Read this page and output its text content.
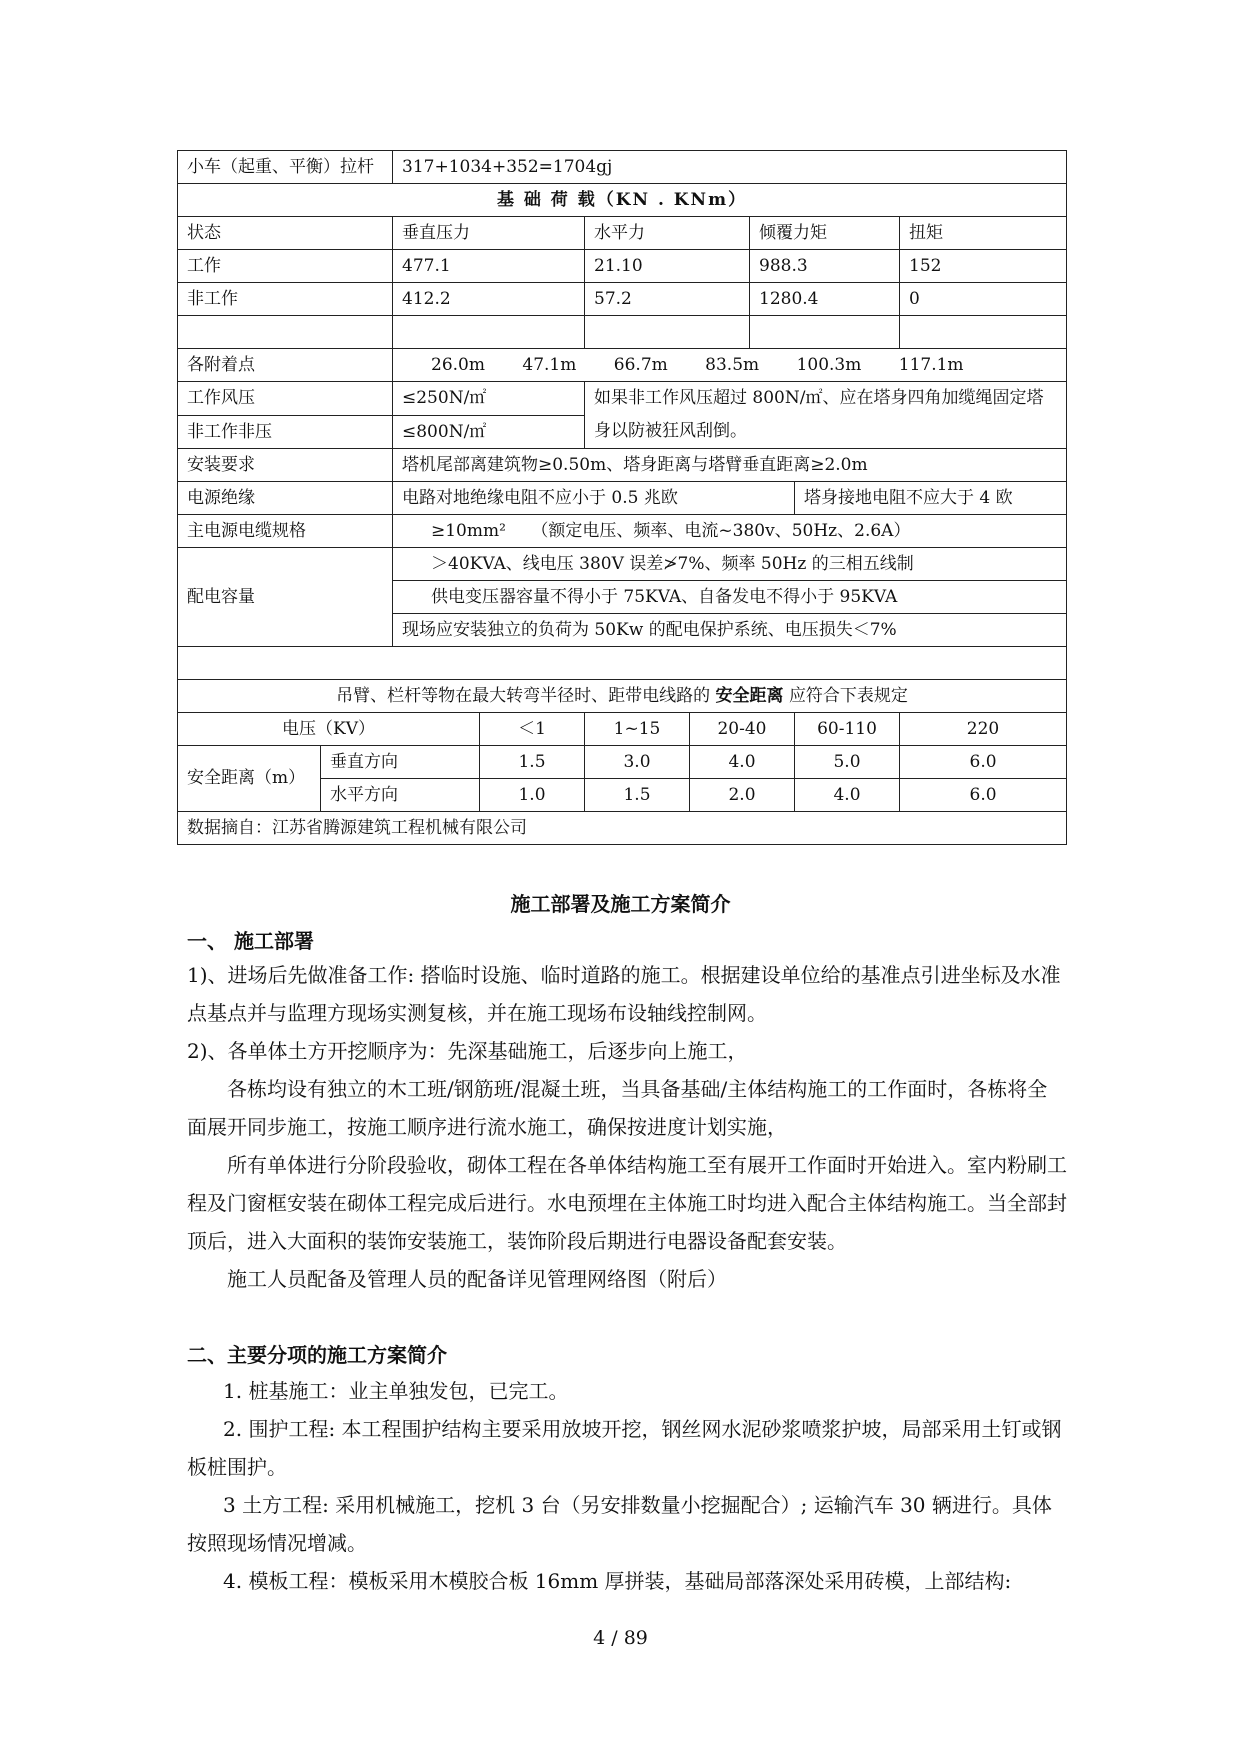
小车（起重、平衡）拉杆		317+1034+352=1704gj						
基 础 荷 载（KN . KNm）								
状态		垂直压力		水平力		倾覆力矩		扭矩
工作		477.1		21.10		988.3		152
非工作		412.2		57.2		1280.4		0

各附着点		26.0m 47.1m 66.7m 83.5m 100.3m 117.1m						
工作风压		≤250N/㎡		如果非工作风压超过 800N/㎡、应在塔身四角加缆绳固定塔身以防被狂风刮倒。				
非工作非压		≤800N/㎡						
安装要求		塔机尾部离建筑物≥0.50m、塔身距离与塔臂垂直距离≥2.0m						
电源绝缘		电路对地绝缘电阻不应小于 0.5 兆欧					塔身接地电阻不应大于 4 欧	
主电源电缆规格		≥10mm²　　（额定电压、频率、电流~380v、50Hz、2.6A）						
配电容量		＞40KVA、线电压 380V 误差≯7%、频率 50Hz 的三相五线制						
		供电变压器容量不得小于 75KVA、自备发电不得小于 95KVA						
		现场应安装独立的负荷为 50Kw 的配电保护系统、电压损失＜7%						

吊臂、栏杆等物在最大转弯半径时、距带电线路的 安全距离 应符合下表规定								
电压（KV）			＜1	1~15	20-40		60-110	220
安全距离（m）	垂直方向		1.5	3.0	4.0		5.0	6.0
	水平方向		1.0	1.5	2.0		4.0	6.0
数据摘自：江苏省腾源建筑工程机械有限公司								
施工部署及施工方案简介
一、 施工部署

1)、进场后先做准备工作: 搭临时设施、临时道路的施工。根据建设单位给的基准点引进坐标及水准点基点并与监理方现场实测复核，并在施工现场布设轴线控制网。

2)、各单体土方开挖顺序为：先深基础施工，后逐步向上施工，

各栋均设有独立的木工班/钢筋班/混凝土班，当具备基础/主体结构施工的工作面时，各栋将全面展开同步施工，按施工顺序进行流水施工，确保按进度计划实施，

所有单体进行分阶段验收，砌体工程在各单体结构施工至有展开工作面时开始进入。室内粉刷工程及门窗框安装在砌体工程完成后进行。水电预埋在主体施工时均进入配合主体结构施工。当全部封顶后，进入大面积的装饰安装施工，装饰阶段后期进行电器设备配套安装。

施工人员配备及管理人员的配备详见管理网络图（附后）

二、主要分项的施工方案简介

1. 桩基施工：业主单独发包，已完工。

2. 围护工程: 本工程围护结构主要采用放坡开挖，钢丝网水泥砂浆喷浆护坡，局部采用土钉或钢板桩围护。

3 土方工程: 采用机械施工，挖机 3 台（另安排数量小挖掘配合）; 运输汽车 30 辆进行。具体按照现场情况增减。

4. 模板工程：模板采用木模胶合板 16mm 厚拼装，基础局部落深处采用砖模，上部结构:

4 / 89
